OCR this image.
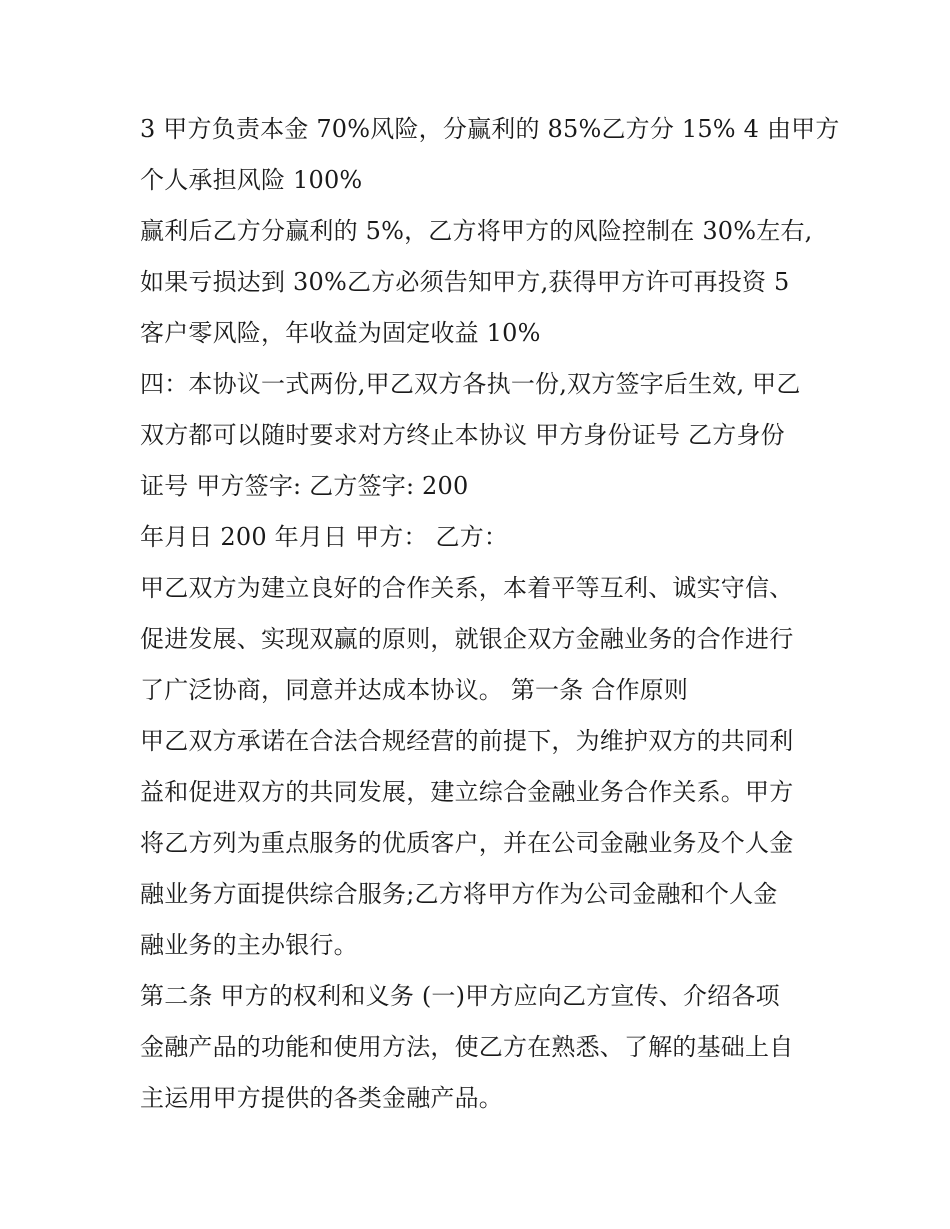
3 甲方负责本金 70%风险，分赢利的 85%乙方分 15% 4 由甲方
个人承担风险 100%
赢利后乙方分赢利的 5%，乙方将甲方的风险控制在 30%左右,
如果亏损达到 30%乙方必须告知甲方,获得甲方许可再投资 5
客户零风险，年收益为固定收益 10%
四：本协议一式两份,甲乙双方各执一份,双方签字后生效, 甲乙
双方都可以随时要求对方终止本协议 甲方身份证号 乙方身份
证号 甲方签字: 乙方签字: 200
年月日 200 年月日 甲方： 乙方：
甲乙双方为建立良好的合作关系，本着平等互利、诚实守信、
促进发展、实现双赢的原则，就银企双方金融业务的合作进行
了广泛协商，同意并达成本协议。 第一条 合作原则
甲乙双方承诺在合法合规经营的前提下，为维护双方的共同利
益和促进双方的共同发展，建立综合金融业务合作关系。甲方
将乙方列为重点服务的优质客户，并在公司金融业务及个人金
融业务方面提供综合服务;乙方将甲方作为公司金融和个人金
融业务的主办银行。
第二条 甲方的权利和义务 (一)甲方应向乙方宣传、介绍各项
金融产品的功能和使用方法，使乙方在熟悉、了解的基础上自
主运用甲方提供的各类金融产品。
